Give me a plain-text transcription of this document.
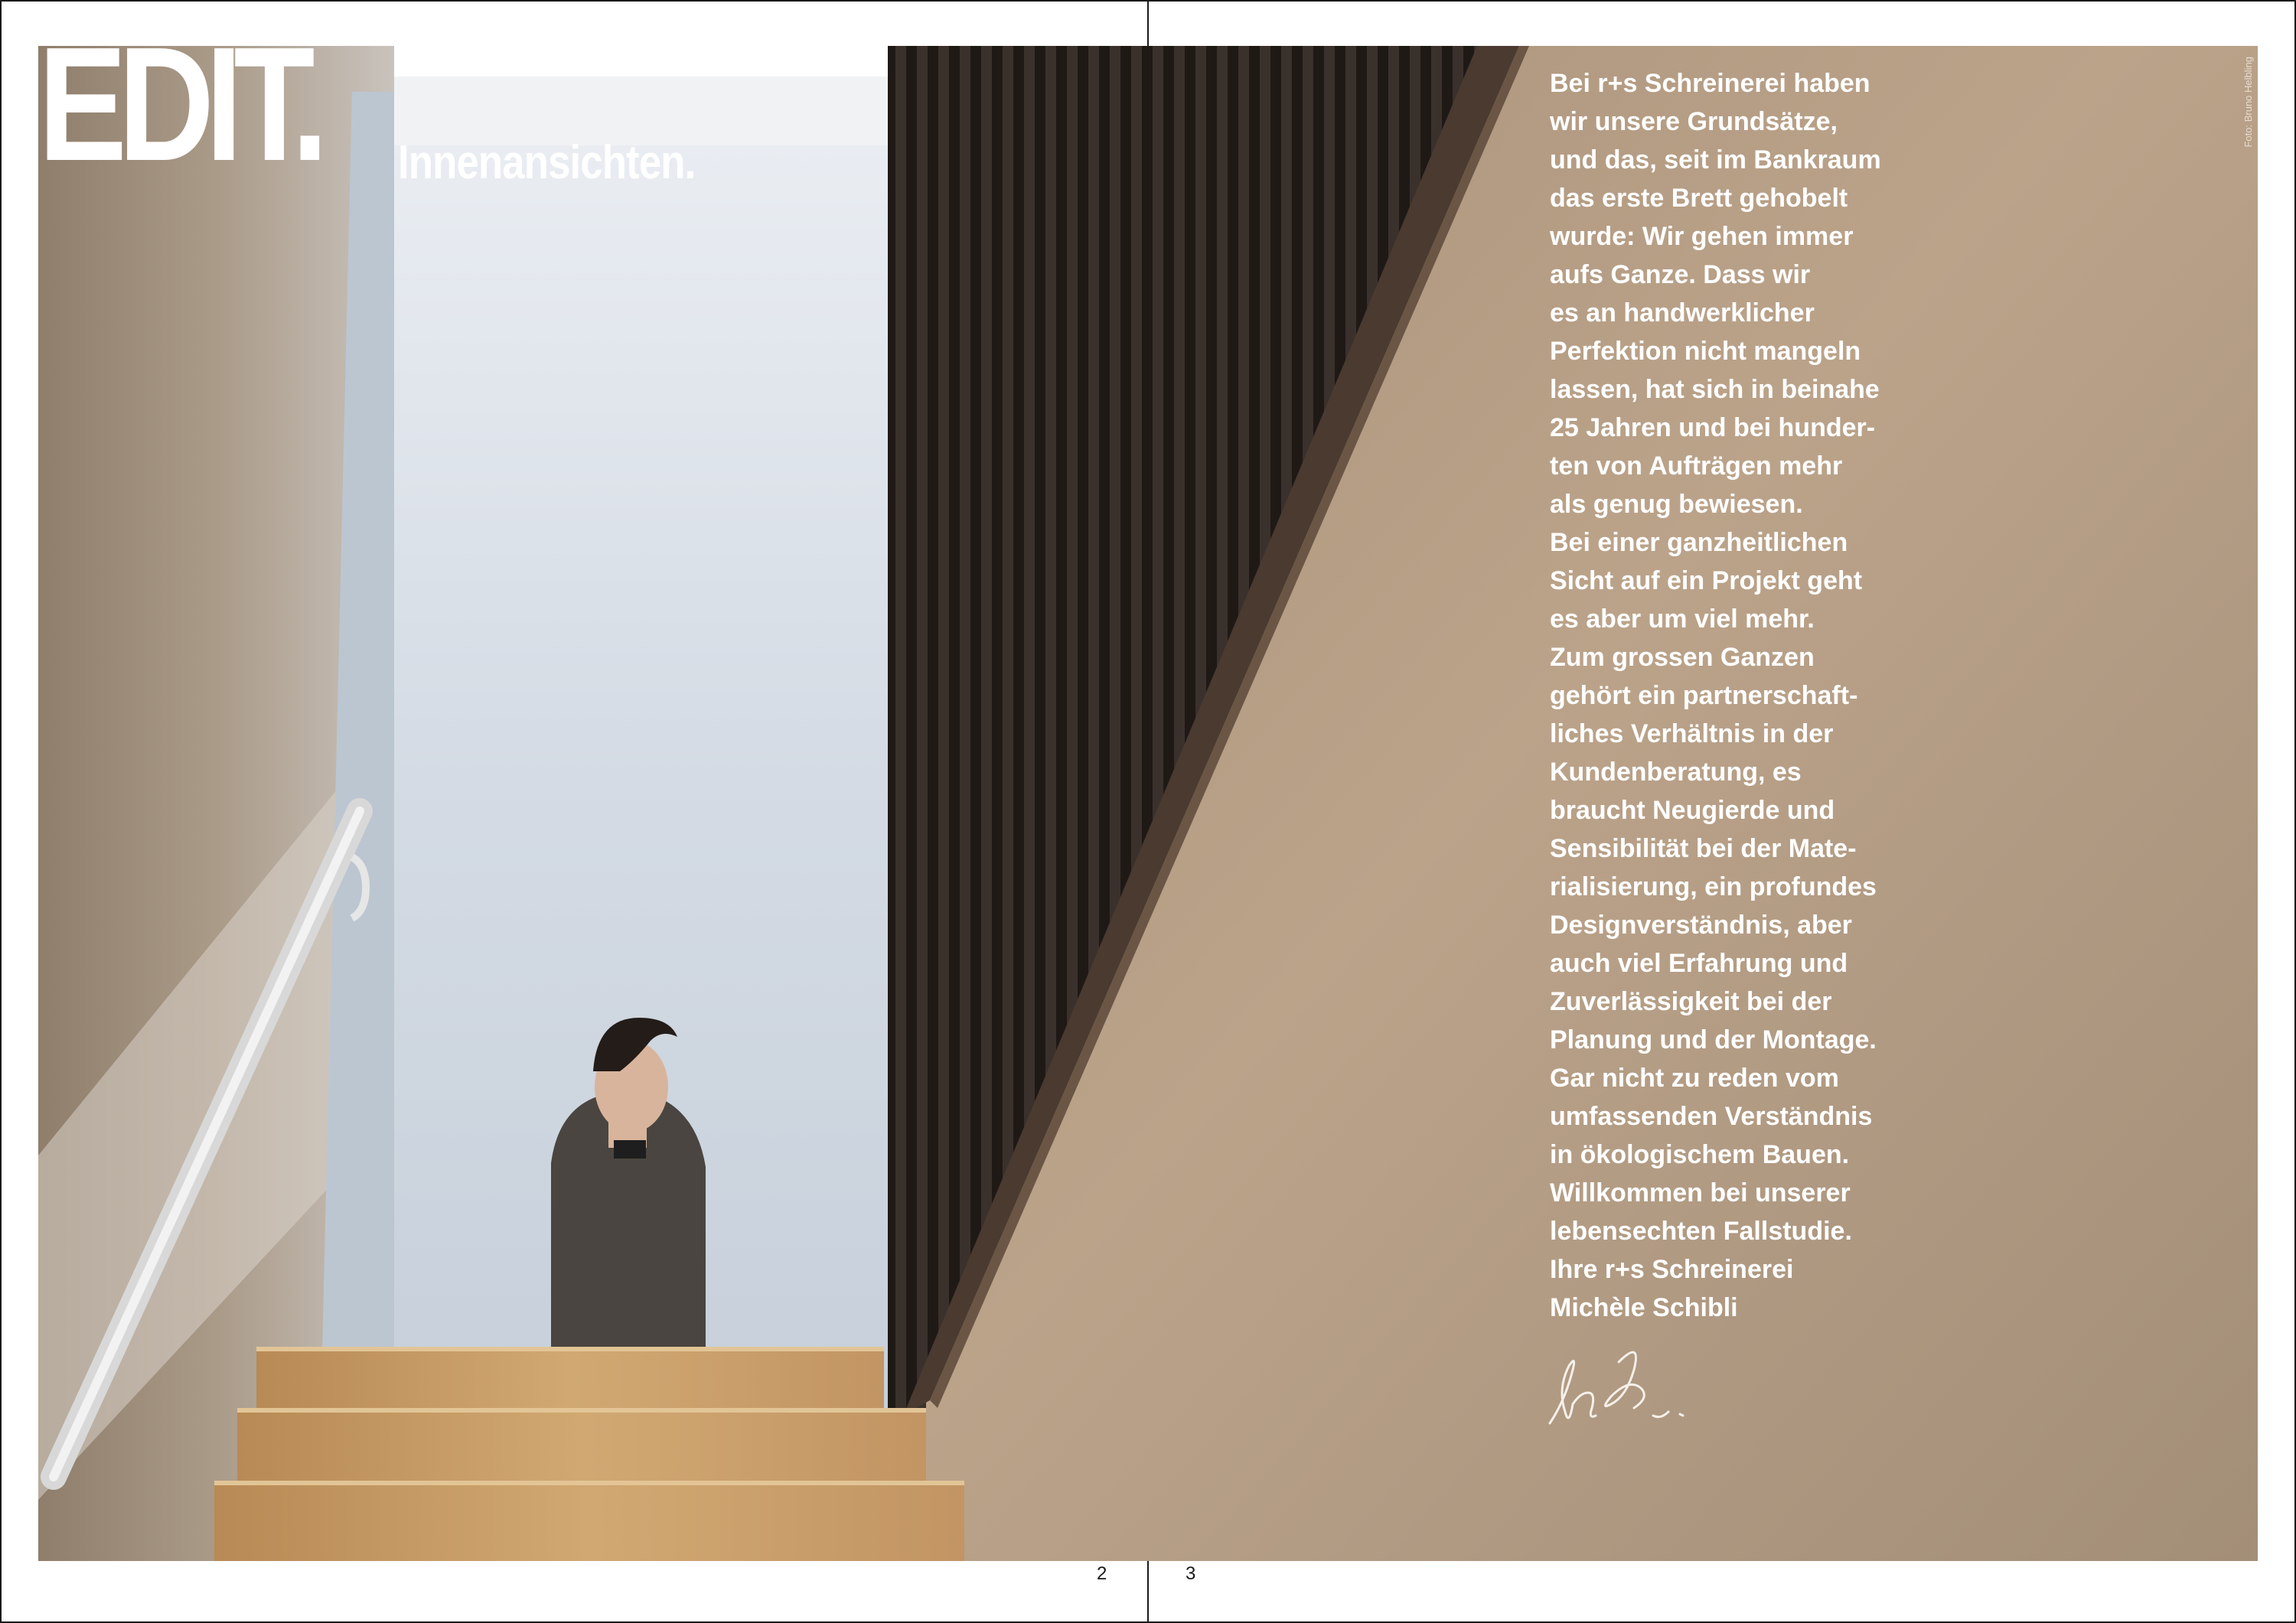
EDIT. Innenansichten.

Bei r+s Schreinerei haben
wir unsere Grundsätze,
und das, seit im Bankraum
das erste Brett gehobelt
wurde: Wir gehen immer
aufs Ganze. Dass wir
es an handwerklicher
Perfektion nicht mangeln
lassen, hat sich in beinahe
25 Jahren und bei hunder-
ten von Aufträgen mehr
als genug bewiesen.
Bei einer ganzheitlichen
Sicht auf ein Projekt geht
es aber um viel mehr.
Zum grossen Ganzen
gehört ein partnerschaft-
liches Verhältnis in der
Kundenberatung, es
braucht Neugierde und
Sensibilität bei der Mate-
rialisierung, ein profundes
Designverständnis, aber
auch viel Erfahrung und
Zuverlässigkeit bei der
Planung und der Montage.
Gar nicht zu reden vom
umfassenden Verständnis
in ökologischem Bauen.
Willkommen bei unserer
lebensechten Fallstudie.
Ihre r+s Schreinerei
Michèle Schibli

Foto: Bruno Helbling
2	3
